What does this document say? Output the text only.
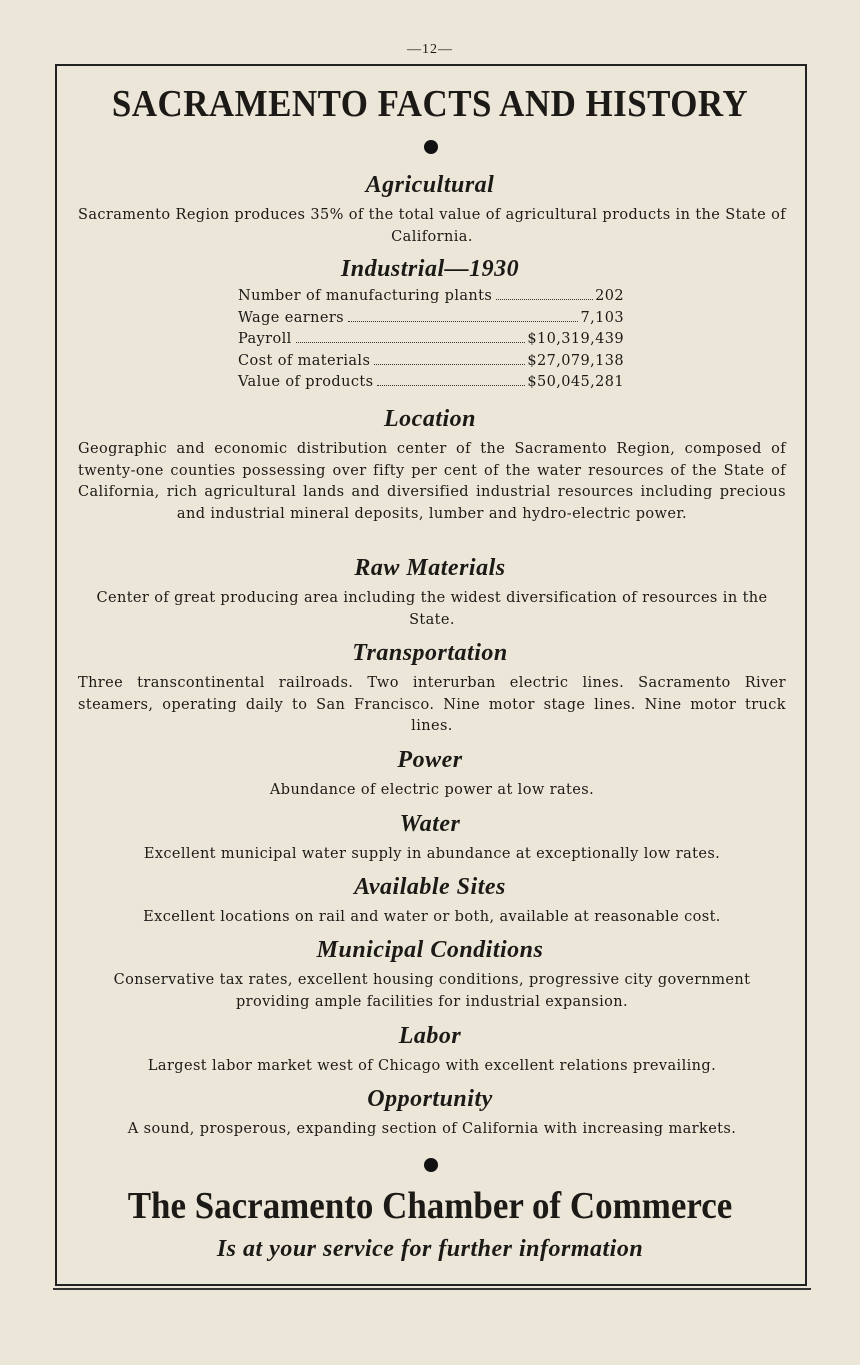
—12—
SACRAMENTO FACTS AND HISTORY
Agricultural
Sacramento Region produces 35% of the total value of agricultural products in the State of California.
Industrial—1930
Number of manufacturing plants	202
Wage earners	7,103
Payroll	$10,319,439
Cost of materials	$27,079,138
Value of products	$50,045,281
Location
Geographic and economic distribution center of the Sacramento Region, composed of twenty-one counties possessing over fifty per cent of the water resources of the State of California, rich agricultural lands and diversified industrial resources including precious and industrial mineral deposits, lumber and hydro-electric power.
Raw Materials
Center of great producing area including the widest diversification of resources in the State.
Transportation
Three transcontinental railroads. Two interurban electric lines. Sacramento River steamers, operating daily to San Francisco. Nine motor stage lines. Nine motor truck lines.
Power
Abundance of electric power at low rates.
Water
Excellent municipal water supply in abundance at exceptionally low rates.
Available Sites
Excellent locations on rail and water or both, available at reasonable cost.
Municipal Conditions
Conservative tax rates, excellent housing conditions, progressive city government providing ample facilities for industrial expansion.
Labor
Largest labor market west of Chicago with excellent relations prevailing.
Opportunity
A sound, prosperous, expanding section of California with increasing markets.
The Sacramento Chamber of Commerce
Is at your service for further information
